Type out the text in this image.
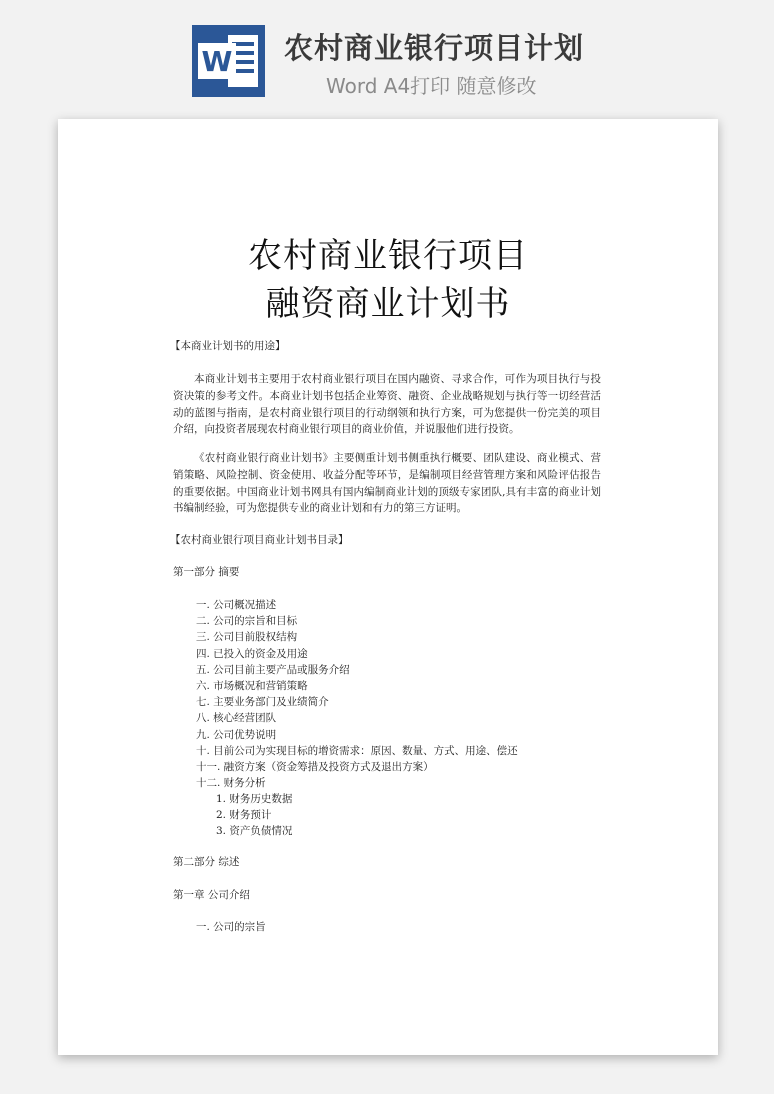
W 农村商业银行项目计划
Word A4打印 随意修改
农村商业银行项目
融资商业计划书
【本商业计划书的用途】
本商业计划书主要用于农村商业银行项目在国内融资、寻求合作，可作为项目执行与投资决策的参考文件。本商业计划书包括企业筹资、融资、企业战略规划与执行等一切经营活动的蓝图与指南，是农村商业银行项目的行动纲领和执行方案，可为您提供一份完美的项目介绍，向投资者展现农村商业银行项目的商业价值，并说服他们进行投资。
《农村商业银行商业计划书》主要侧重计划书侧重执行概要、团队建设、商业模式、营销策略、风险控制、资金使用、收益分配等环节，是编制项目经营管理方案和风险评估报告的重要依据。中国商业计划书网具有国内编制商业计划的顶级专家团队,具有丰富的商业计划书编制经验，可为您提供专业的商业计划和有力的第三方证明。
【农村商业银行项目商业计划书目录】
第一部分 摘要
一. 公司概况描述
二. 公司的宗旨和目标
三. 公司目前股权结构
四. 已投入的资金及用途
五. 公司目前主要产品或服务介绍
六. 市场概况和营销策略
七. 主要业务部门及业绩简介
八. 核心经营团队
九. 公司优势说明
十. 目前公司为实现目标的增资需求：原因、数量、方式、用途、偿还
十一. 融资方案（资金筹措及投资方式及退出方案）
十二. 财务分析
1. 财务历史数据
2. 财务预计
3. 资产负债情况
第二部分 综述
第一章 公司介绍
一. 公司的宗旨
